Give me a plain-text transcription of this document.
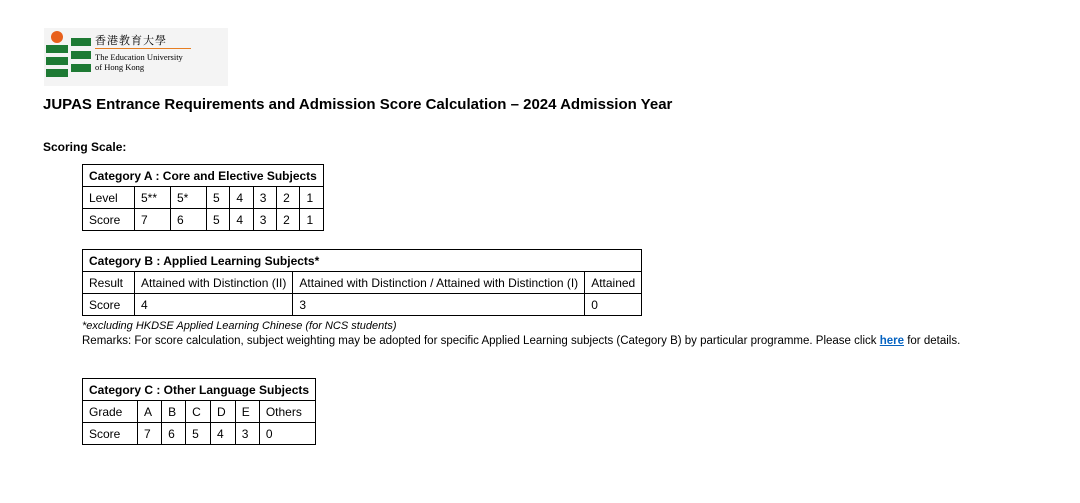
香港教育大學
The Education University
of Hong Kong
JUPAS Entrance Requirements and Admission Score Calculation – 2024 Admission Year
Scoring Scale:
Category A : Core and Elective Subjects							
Level	5**	5*	5	4	3	2	1
Score	7	6	5	4	3	2	1
Category B : Applied Learning Subjects*			
Result	Attained with Distinction (II)	Attained with Distinction / Attained with Distinction (I)	Attained
Score	4	3	0
*excluding HKDSE Applied Learning Chinese (for NCS students)
Remarks: For score calculation, subject weighting may be adopted for specific Applied Learning subjects (Category B) by particular programme. Please click here for details.
Category C : Other Language Subjects						
Grade	A	B	C	D	E	Others
Score	7	6	5	4	3	0
